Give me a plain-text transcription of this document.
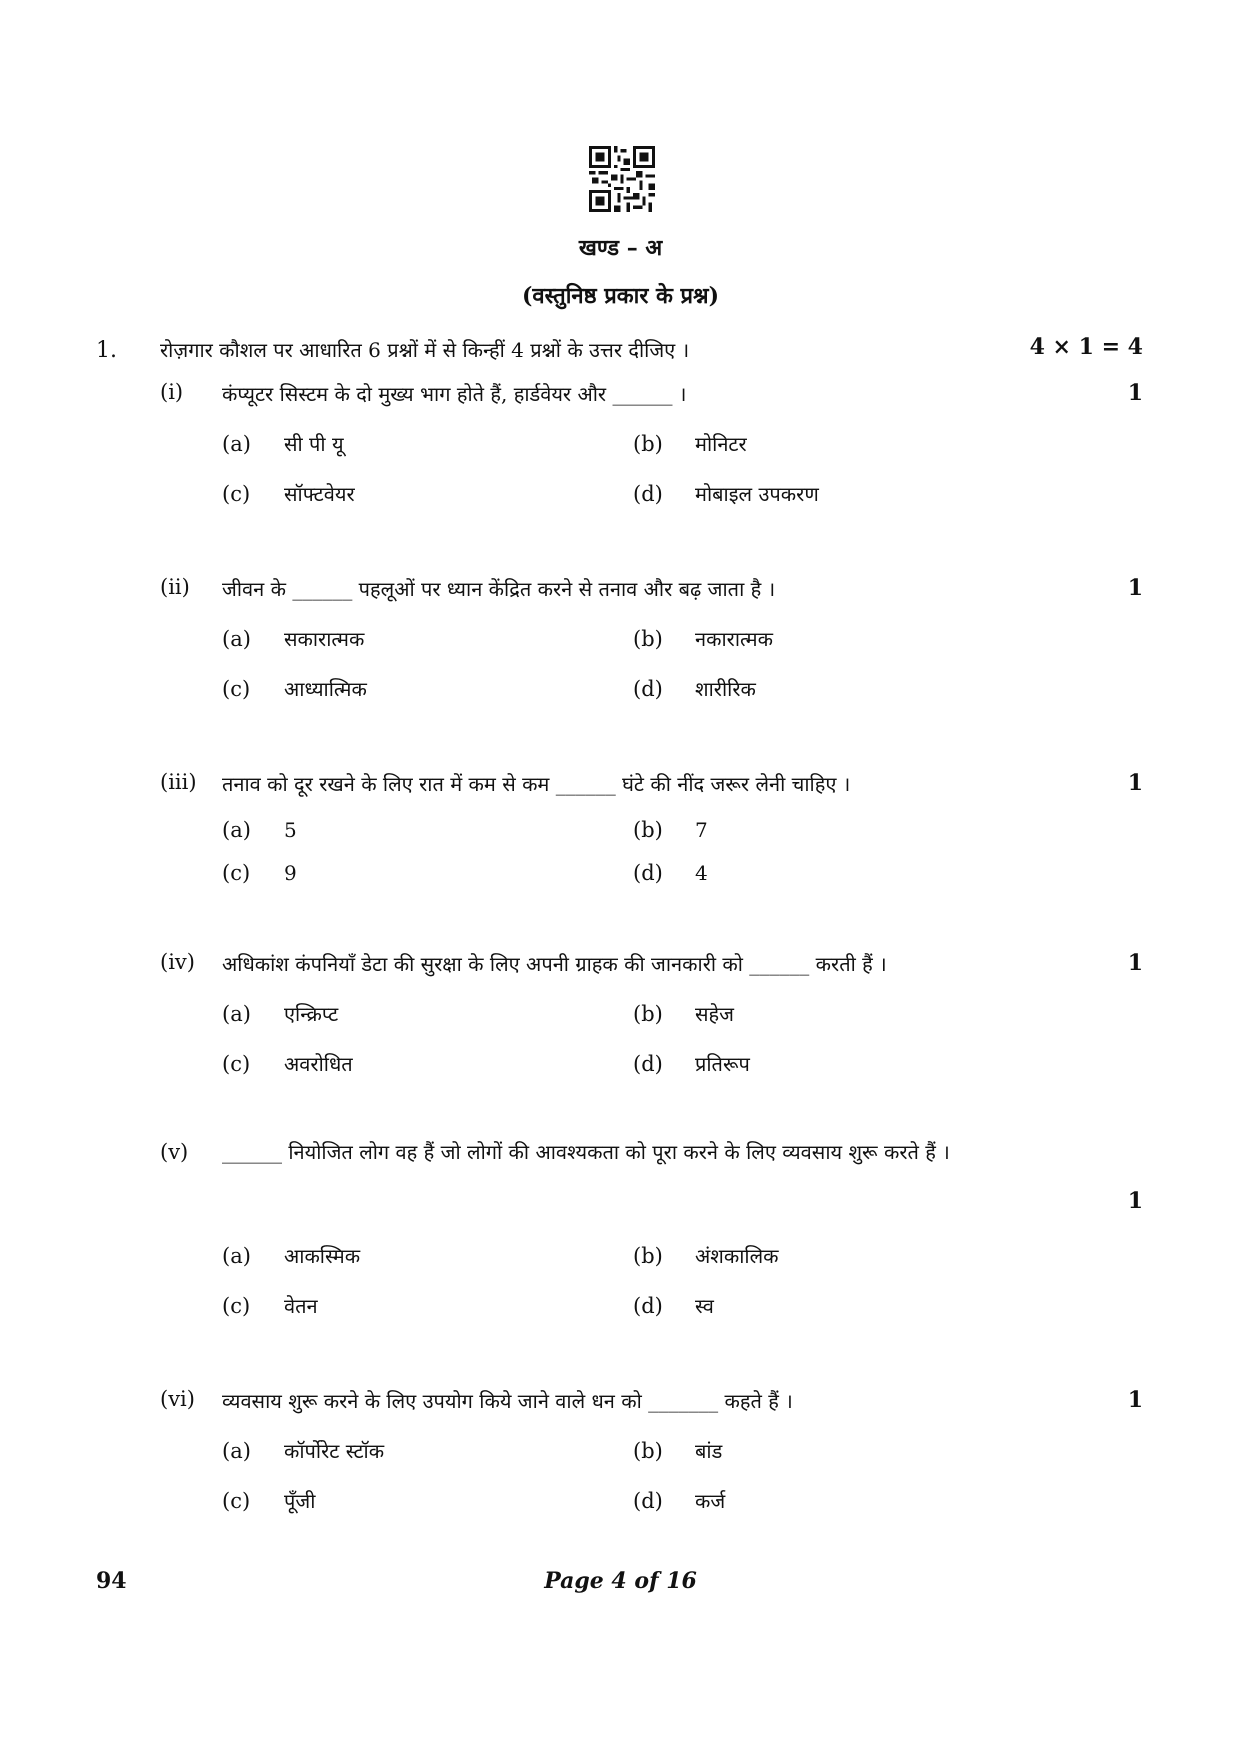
खण्ड – अ
(वस्तुनिष्ठ प्रकार के प्रश्न)
1. रोज़गार कौशल पर आधारित 6 प्रश्नों में से किन्हीं 4 प्रश्नों के उत्तर दीजिए ।	4 × 1 = 4
(i) कंप्यूटर सिस्टम के दो मुख्य भाग होते हैं, हार्डवेयर और ______ ।	1
(a) सी पी यू	(b) मोनिटर
(c) सॉफ्टवेयर	(d) मोबाइल उपकरण
(ii) जीवन के ______ पहलूओं पर ध्यान केंद्रित करने से तनाव और बढ़ जाता है ।	1
(a) सकारात्मक	(b) नकारात्मक
(c) आध्यात्मिक	(d) शारीरिक
(iii) तनाव को दूर रखने के लिए रात में कम से कम ______ घंटे की नींद जरूर लेनी चाहिए ।	1
(a) 5	(b) 7
(c) 9	(d) 4
(iv) अधिकांश कंपनियाँ डेटा की सुरक्षा के लिए अपनी ग्राहक की जानकारी को ______ करती हैं ।	1
(a) एन्क्रिप्ट	(b) सहेज
(c) अवरोधित	(d) प्रतिरूप
(v) ______ नियोजित लोग वह हैं जो लोगों की आवश्यकता को पूरा करने के लिए व्यवसाय शुरू करते हैं ।
1
(a) आकस्मिक	(b) अंशकालिक
(c) वेतन	(d) स्व
(vi) व्यवसाय शुरू करने के लिए उपयोग किये जाने वाले धन को _______ कहते हैं ।	1
(a) कॉर्पोरेट स्टॉक	(b) बांड
(c) पूँजी	(d) कर्ज
94	Page 4 of 16
